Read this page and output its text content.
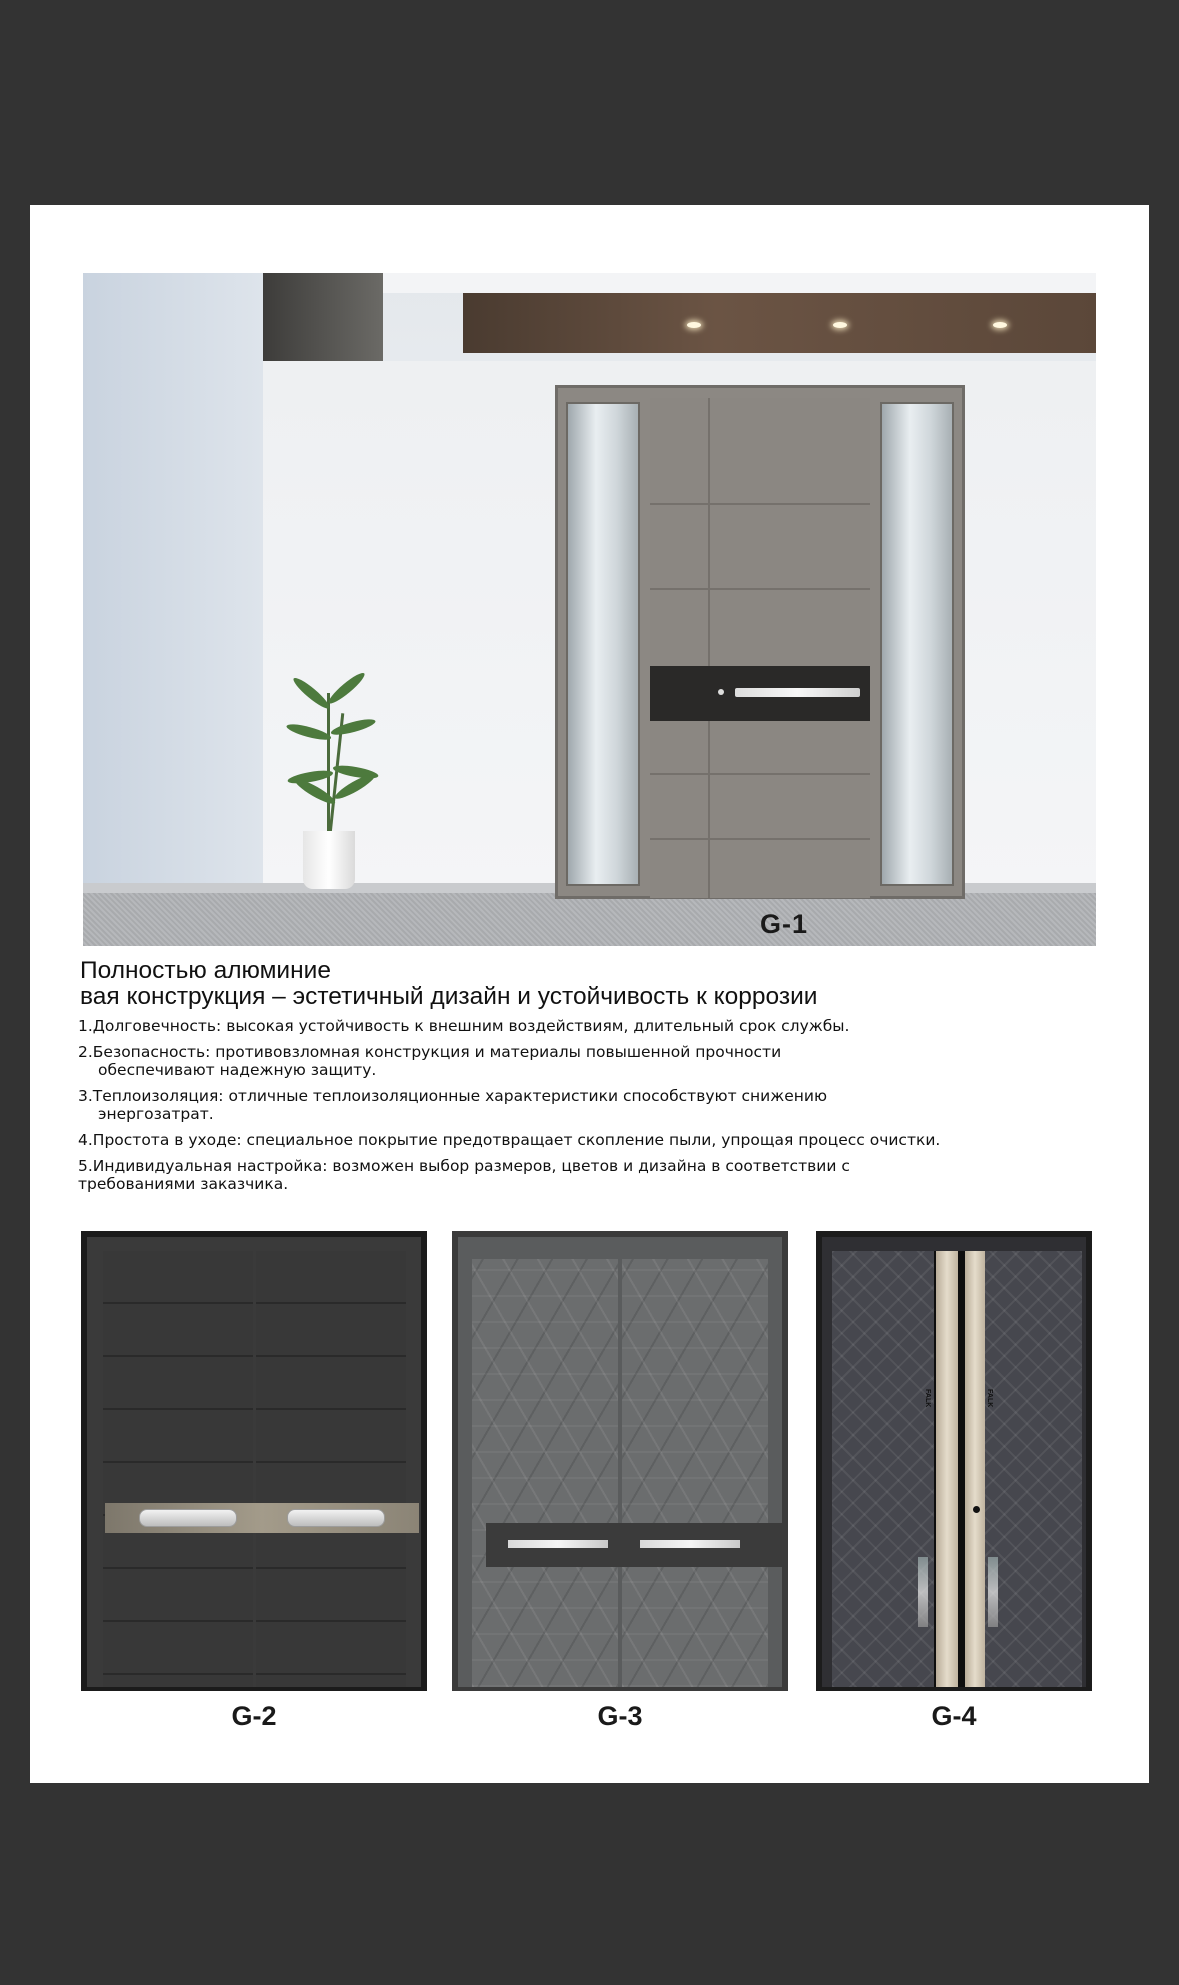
G-1
Полностью алюминие
вая конструкция – эстетичный дизайн и устойчивость к коррозии
1.Долговечность: высокая устойчивость к внешним воздействиям, длительный срок службы.
2.Безопасность: противовзломная конструкция и материалы повышенной прочности
обеспечивают надежную защиту.
3.Теплоизоляция: отличные теплоизоляционные характеристики способствуют снижению
энергозатрат.
4.Простота в уходе: специальное покрытие предотвращает скопление пыли, упрощая процесс очистки.
5.Индивидуальная настройка: возможен выбор размеров, цветов и дизайна в соответствии с
требованиями заказчика.
G-2	G-3
FALK	FALK
G-4
